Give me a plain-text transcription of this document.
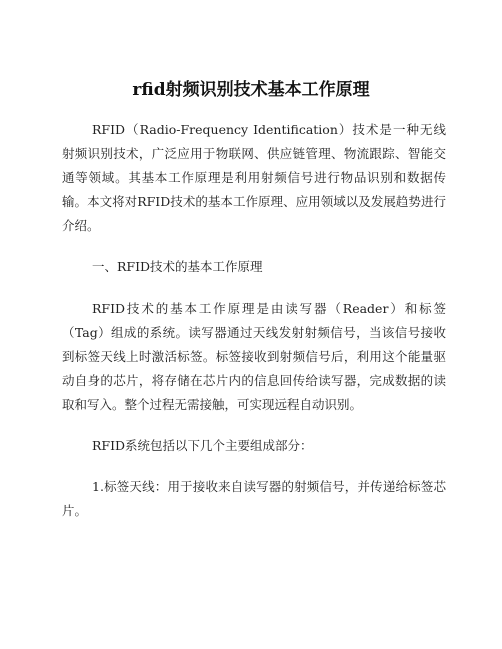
rfid射频识别技术基本工作原理

RFID（Radio-Frequency Identification）技术是一种无线射频识别技术，广泛应用于物联网、供应链管理、物流跟踪、智能交通等领域。其基本工作原理是利用射频信号进行物品识别和数据传输。本文将对RFID技术的基本工作原理、应用领域以及发展趋势进行介绍。

一、RFID技术的基本工作原理

RFID技术的基本工作原理是由读写器（Reader）和标签（Tag）组成的系统。读写器通过天线发射射频信号，当该信号接收到标签天线上时激活标签。标签接收到射频信号后，利用这个能量驱动自身的芯片，将存储在芯片内的信息回传给读写器，完成数据的读取和写入。整个过程无需接触，可实现远程自动识别。

RFID系统包括以下几个主要组成部分：

1.标签天线：用于接收来自读写器的射频信号，并传递给标签芯片。
